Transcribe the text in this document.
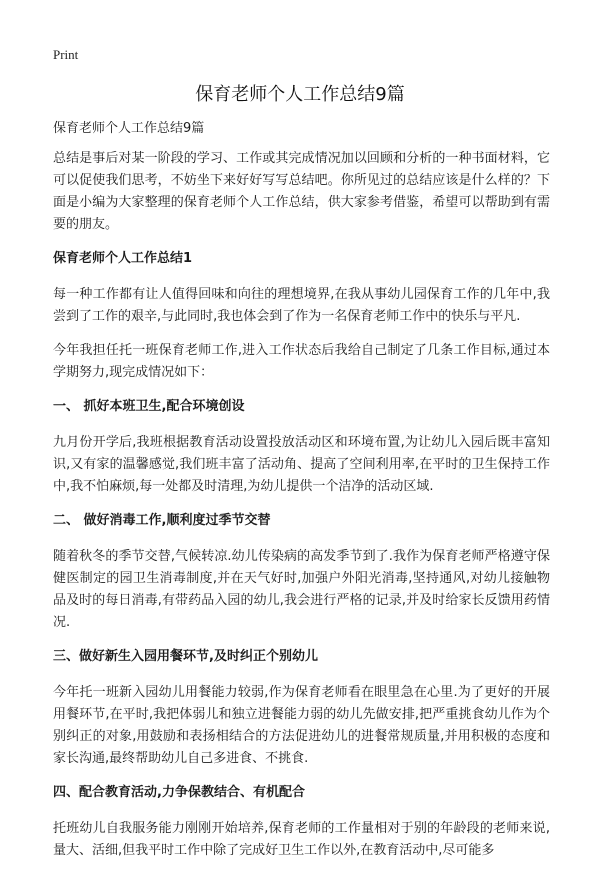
Print
保育老师个人工作总结9篇

保育老师个人工作总结9篇

总结是事后对某一阶段的学习、工作或其完成情况加以回顾和分析的一种书面材料，它可以促使我们思考，不妨坐下来好好写写总结吧。你所见过的总结应该是什么样的？下面是小编为大家整理的保育老师个人工作总结，供大家参考借鉴，希望可以帮助到有需要的朋友。

保育老师个人工作总结1

每一种工作都有让人值得回味和向往的理想境界,在我从事幼儿园保育工作的几年中,我尝到了工作的艰辛,与此同时,我也体会到了作为一名保育老师工作中的快乐与平凡.

今年我担任托一班保育老师工作,进入工作状态后我给自己制定了几条工作目标,通过本学期努力,现完成情况如下：

一、 抓好本班卫生,配合环境创设

九月份开学后,我班根据教育活动设置投放活动区和环境布置,为让幼儿入园后既丰富知识,又有家的温馨感觉,我们班丰富了活动角、提高了空间利用率,在平时的卫生保持工作中,我不怕麻烦,每一处都及时清理,为幼儿提供一个洁净的活动区域.

二、 做好消毒工作,顺利度过季节交替

随着秋冬的季节交替,气候转凉.幼儿传染病的高发季节到了.我作为保育老师严格遵守保健医制定的园卫生消毒制度,并在天气好时,加强户外阳光消毒,坚持通风,对幼儿接触物品及时的每日消毒,有带药品入园的幼儿,我会进行严格的记录,并及时给家长反馈用药情况.

三、做好新生入园用餐环节,及时纠正个别幼儿

今年托一班新入园幼儿用餐能力较弱,作为保育老师看在眼里急在心里.为了更好的开展用餐环节,在平时,我把体弱儿和独立进餐能力弱的幼儿先做安排,把严重挑食幼儿作为个别纠正的对象,用鼓励和表扬相结合的方法促进幼儿的进餐常规质量,并用积极的态度和家长沟通,最终帮助幼儿自己多进食、不挑食.

四、配合教育活动,力争保教结合、有机配合

托班幼儿自我服务能力刚刚开始培养,保育老师的工作量相对于别的年龄段的老师来说,量大、活细,但我平时工作中除了完成好卫生工作以外,在教育活动中,尽可能多
